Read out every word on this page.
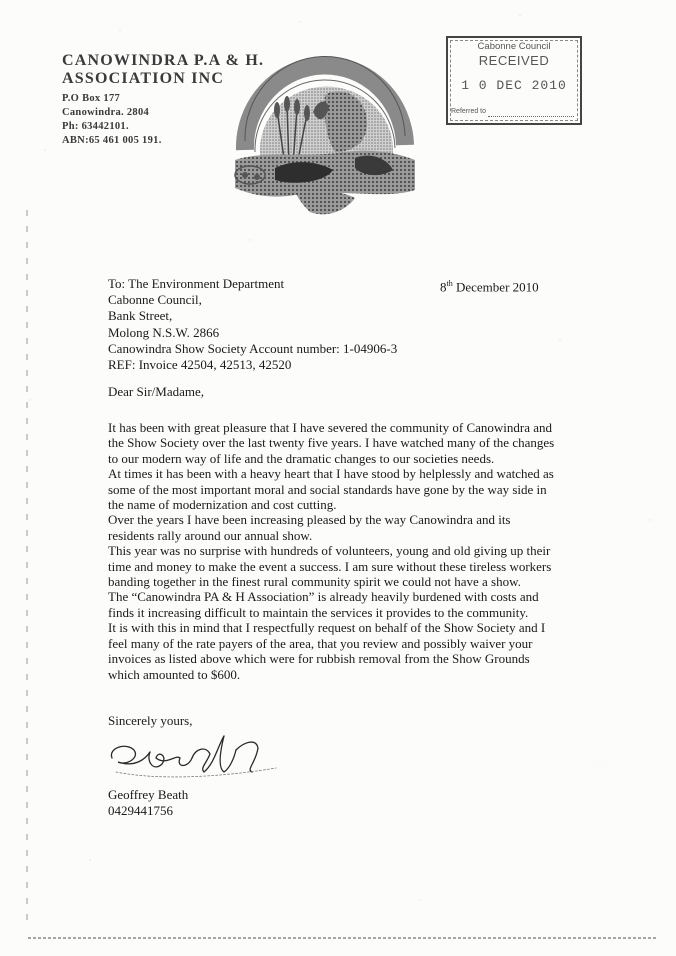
CANOWINDRA P.A & H.
ASSOCIATION INC
P.O Box 177
Canowindra. 2804
Ph: 63442101.
ABN:65 461 005 191.
Cabonne Council
RECEIVED
1 0 DEC 2010
Referred to
To: The Environment Department
Cabonne Council,
Bank Street,
Molong N.S.W. 2866
Canowindra Show Society Account number: 1-04906-3
REF: Invoice 42504, 42513, 42520
8th December 2010
Dear Sir/Madame,

It has been with great pleasure that I have severed the community of Canowindra and

the Show Society over the last twenty five years. I have watched many of the changes

to our modern way of life and the dramatic changes to our societies needs.

At times it has been with a heavy heart that I have stood by helplessly and watched as

some of the most important moral and social standards have gone by the way side in

the name of modernization and cost cutting.

Over the years I have been increasing pleased by the way Canowindra and its

residents rally around our annual show.

This year was no surprise with hundreds of volunteers, young and old giving up their

time and money to make the event a success. I am sure without these tireless workers

banding together in the finest rural community spirit we could not have a show.

The “Canowindra PA & H Association” is already heavily burdened with costs and

finds it increasing difficult to maintain the services it provides to the community.

It is with this in mind that I respectfully request on behalf of the Show Society and I

feel many of the rate payers of the area, that you review and possibly waiver your

invoices as listed above which were for rubbish removal from the Show Grounds

which amounted to $600.

Sincerely yours,
Geoffrey Beath
0429441756
